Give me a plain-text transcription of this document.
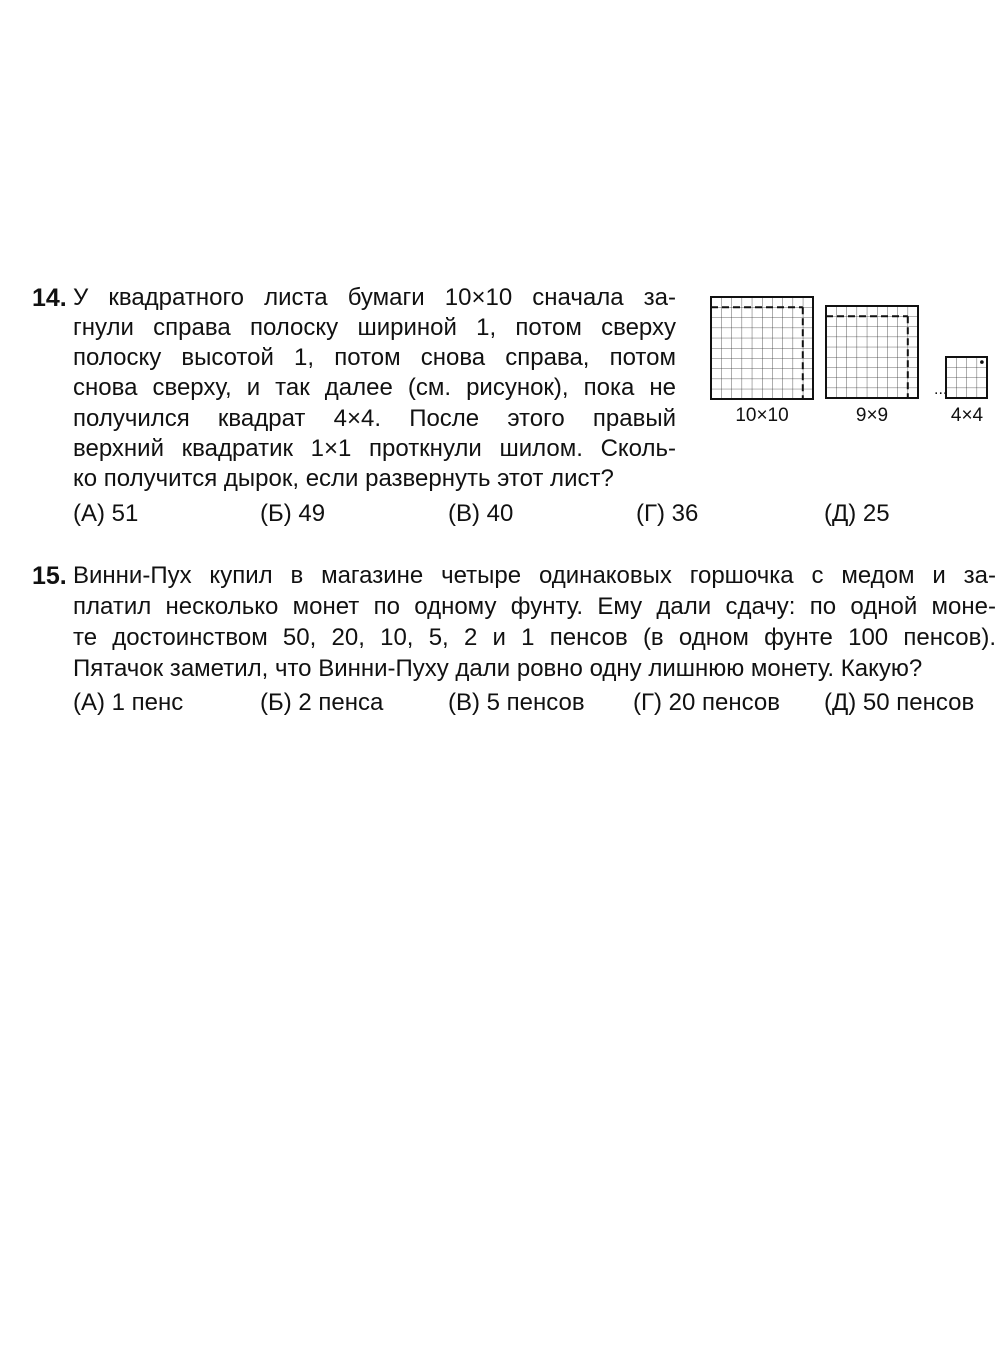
14. У квадратного листа бумаги 10×10 сначала за-
гнули справа полоску шириной 1, потом сверху
полоску высотой 1, потом снова справа, потом
снова сверху, и так далее (см. рисунок), пока не
получился квадрат 4×4. После этого правый
верхний квадратик 1×1 проткнули шилом. Сколь-
ко получится дырок, если развернуть этот лист?
(А) 51	(Б) 49	(В) 40	(Г) 36	(Д) 25
...
10×10	9×9	4×4
15. Винни-Пух купил в магазине четыре одинаковых горшочка с медом и за-
платил несколько монет по одному фунту. Ему дали сдачу: по одной моне-
те достоинством 50, 20, 10, 5, 2 и 1 пенсов (в одном фунте 100 пенсов).
Пятачок заметил, что Винни-Пуху дали ровно одну лишнюю монету. Какую?
(А) 1 пенс	(Б) 2 пенса	(В) 5 пенсов (Г) 20 пенсов (Д) 50 пенсов
